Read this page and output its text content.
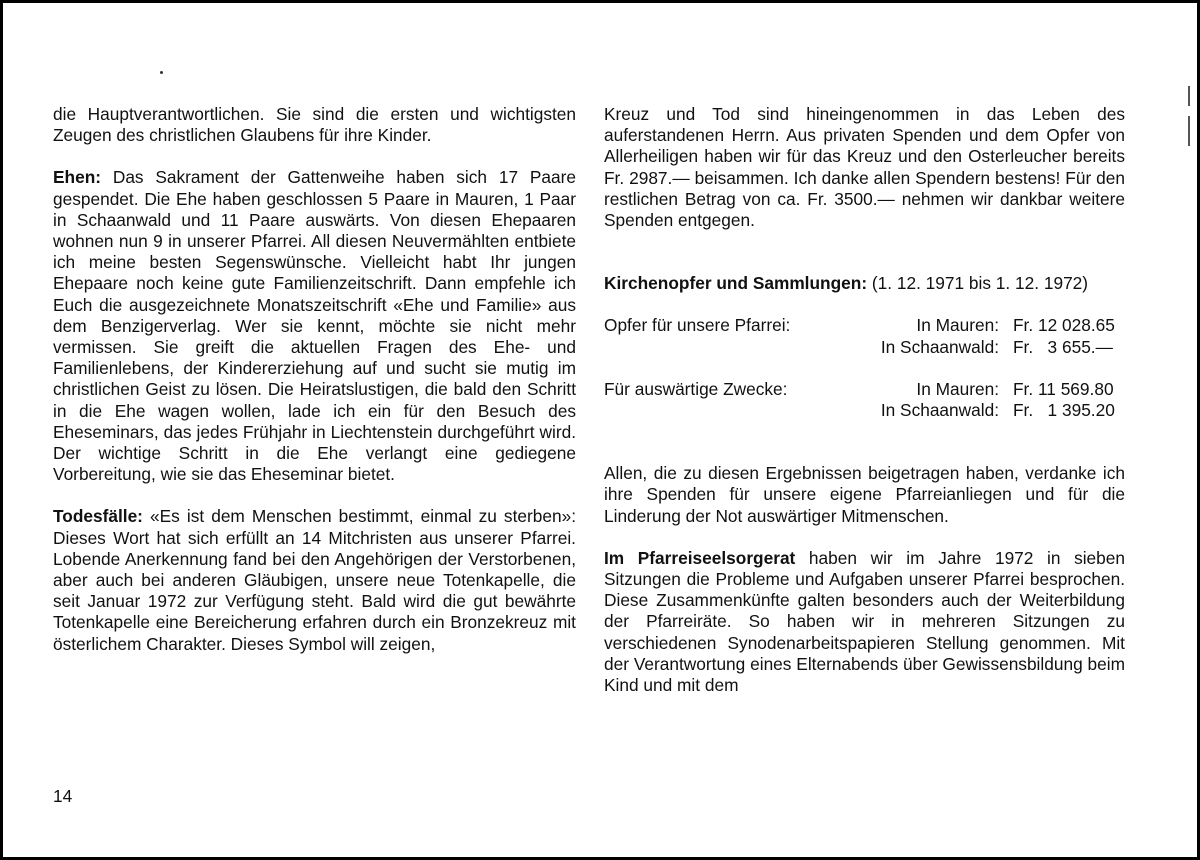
die Hauptverantwortlichen. Sie sind die ersten und wichtigsten Zeugen des christlichen Glaubens für ihre Kinder.

Ehen: Das Sakrament der Gattenweihe haben sich 17 Paare gespendet. Die Ehe haben geschlossen 5 Paare in Mauren, 1 Paar in Schaanwald und 11 Paare auswärts. Von diesen Ehepaaren wohnen nun 9 in unserer Pfarrei. All diesen Neuvermählten entbiete ich meine besten Segenswünsche. Vielleicht habt Ihr jungen Ehepaare noch keine gute Familienzeitschrift. Dann empfehle ich Euch die ausgezeichnete Monatszeitschrift «Ehe und Familie» aus dem Benzigerverlag. Wer sie kennt, möchte sie nicht mehr vermissen. Sie greift die aktuellen Fragen des Ehe- und Familienlebens, der Kindererziehung auf und sucht sie mutig im christlichen Geist zu lösen. Die Heiratslustigen, die bald den Schritt in die Ehe wagen wollen, lade ich ein für den Besuch des Eheseminars, das jedes Frühjahr in Liechtenstein durchgeführt wird. Der wichtige Schritt in die Ehe verlangt eine gediegene Vorbereitung, wie sie das Eheseminar bietet.

Todesfälle: «Es ist dem Menschen bestimmt, einmal zu sterben»: Dieses Wort hat sich erfüllt an 14 Mitchristen aus unserer Pfarrei. Lobende Anerkennung fand bei den Angehörigen der Verstorbenen, aber auch bei anderen Gläubigen, unsere neue Totenkapelle, die seit Januar 1972 zur Verfügung steht. Bald wird die gut bewährte Totenkapelle eine Bereicherung erfahren durch ein Bronzekreuz mit österlichem Charakter. Dieses Symbol will zeigen,

Kreuz und Tod sind hineingenommen in das Leben des auferstandenen Herrn. Aus privaten Spenden und dem Opfer von Allerheiligen haben wir für das Kreuz und den Osterleucher bereits Fr. 2987.— beisammen. Ich danke allen Spendern bestens! Für den restlichen Betrag von ca. Fr. 3500.— nehmen wir dankbar weitere Spenden entgegen.

Kirchenopfer und Sammlungen: (1. 12. 1971 bis 1. 12. 1972)

Opfer für unsere Pfarrei:	In Mauren:	Fr. 12 028.65
	In Schaanwald:	Fr.   3 655.—

Für auswärtige Zwecke:	In Mauren:	Fr. 11 569.80
	In Schaanwald:	Fr.   1 395.20

Allen, die zu diesen Ergebnissen beigetragen haben, verdanke ich ihre Spenden für unsere eigene Pfarreianliegen und für die Linderung der Not auswärtiger Mitmenschen.

Im Pfarreiseelsorgerat haben wir im Jahre 1972 in sieben Sitzungen die Probleme und Aufgaben unserer Pfarrei besprochen. Diese Zusammenkünfte galten besonders auch der Weiterbildung der Pfarreiräte. So haben wir in mehreren Sitzungen zu verschiedenen Synodenarbeitspapieren Stellung genommen. Mit der Verantwortung eines Elternabends über Gewissensbildung beim Kind und mit dem

14
